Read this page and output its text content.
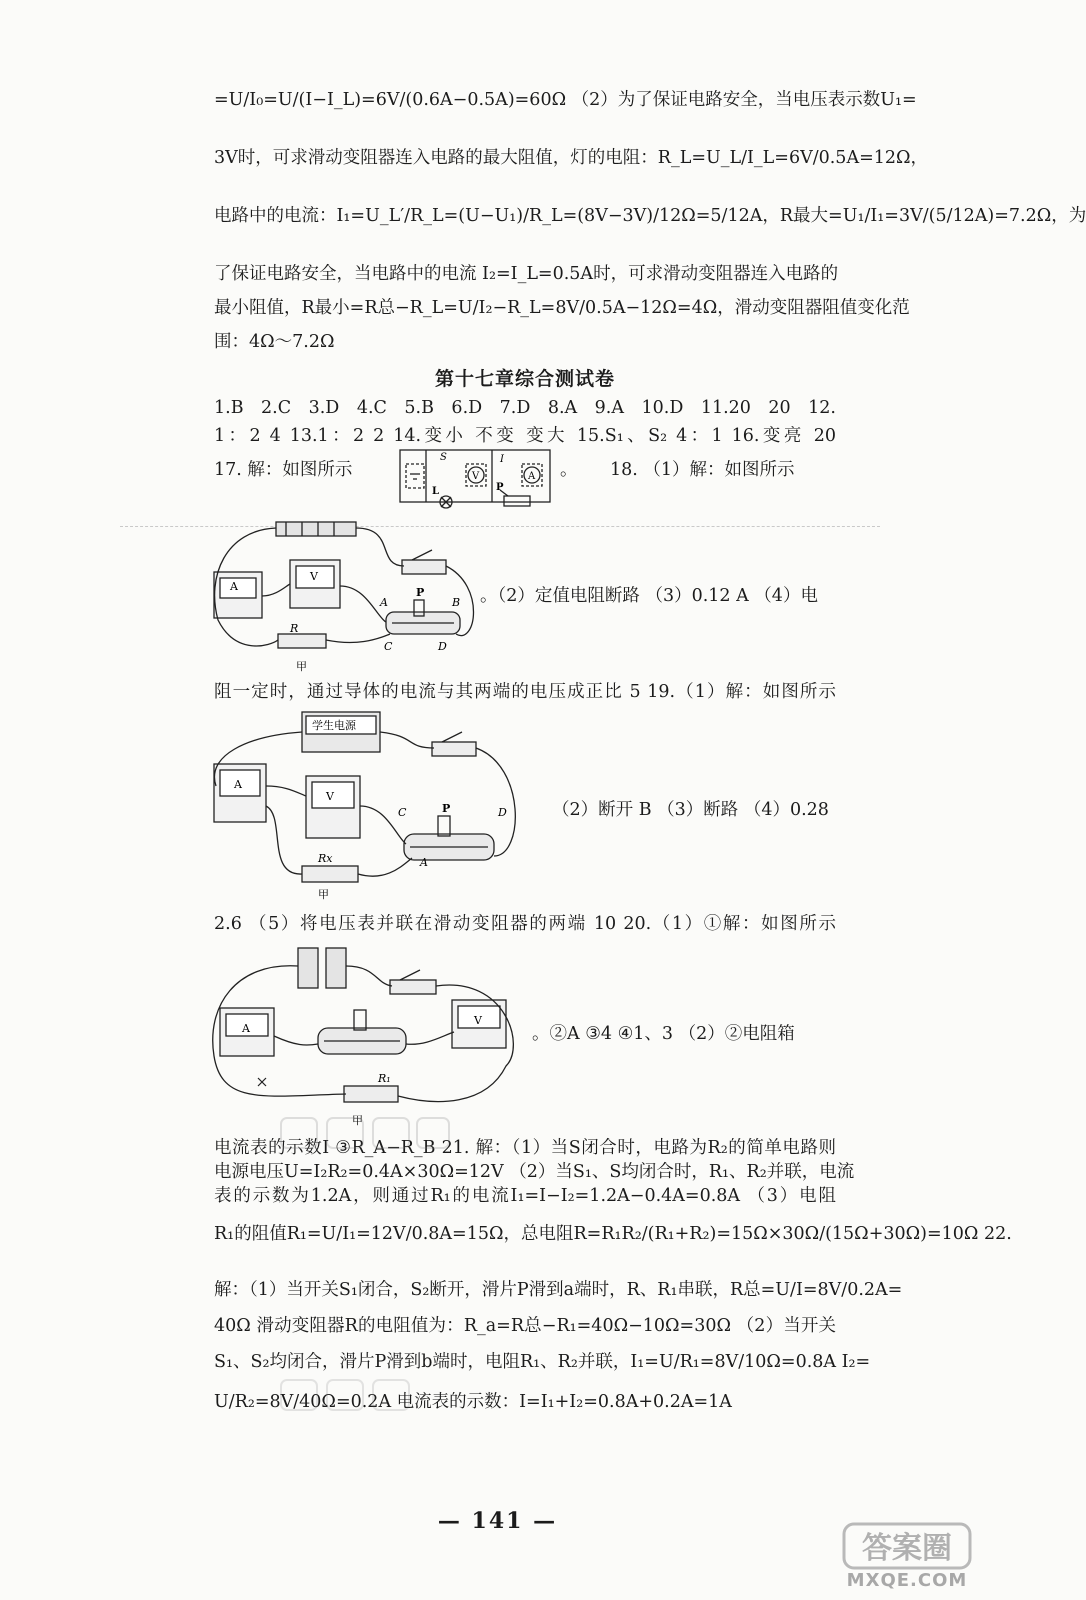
=U/I₀=U/(I−I_L)=6V/(0.6A−0.5A)=60Ω （2）为了保证电路安全，当电压表示数U₁=
3V时，可求滑动变阻器连入电路的最大阻值，灯的电阻：R_L=U_L/I_L=6V/0.5A=12Ω，
电路中的电流：I₁=U_L′/R_L=(U−U₁)/R_L=(8V−3V)/12Ω=5/12A，R最大=U₁/I₁=3V/(5/12A)=7.2Ω，为
了保证电路安全，当电路中的电流 I₂=I_L=0.5A时，可求滑动变阻器连入电路的
最小阻值，R最小=R总−R_L=U/I₂−R_L=8V/0.5A−12Ω=4Ω，滑动变阻器阻值变化范
围：4Ω～7.2Ω
第十七章综合测试卷
1.B 2.C 3.D 4.C 5.B 6.D 7.D 8.A 9.A 10.D 11.20 20 12.
1：2 4 13.1：2 2 14.变小 不变 变大 15.S₁、S₂ 4：1 16.变亮 20
17. 解：如图所示
S	I
V	A
L	P
。 18. （1）解：如图所示
A
V
R
A	B
C	D
P
甲
。（2）定值电阻断路 （3）0.12 A （4）电
阻一定时，通过导体的电流与其两端的电压成正比 5 19.（1）解：如图所示
学生电源
A
V
Rx
C	D
A
P
甲
（2）断开 B （3）断路 （4）0.28
2.6 （5）将电压表并联在滑动变阻器的两端 10 20.（1）①解：如图所示
A
V
R₁
甲
。②A ③4 ④1、3 （2）②电阻箱
电流表的示数I ③R_A−R_B 21. 解：（1）当S闭合时，电路为R₂的简单电路则
电源电压U=I₂R₂=0.4A×30Ω=12V （2）当S₁、S均闭合时，R₁、R₂并联，电流
表的示数为1.2A，则通过R₁的电流I₁=I−I₂=1.2A−0.4A=0.8A （3）电阻
R₁的阻值R₁=U/I₁=12V/0.8A=15Ω，总电阻R=R₁R₂/(R₁+R₂)=15Ω×30Ω/(15Ω+30Ω)=10Ω 22.
解：（1）当开关S₁闭合，S₂断开，滑片P滑到a端时，R、R₁串联，R总=U/I=8V/0.2A=
40Ω 滑动变阻器R的电阻值为：R_a=R总−R₁=40Ω−10Ω=30Ω （2）当开关
S₁、S₂均闭合，滑片P滑到b端时，电阻R₁、R₂并联，I₁=U/R₁=8V/10Ω=0.8A I₂=
U/R₂=8V/40Ω=0.2A 电流表的示数：I=I₁+I₂=0.8A+0.2A=1A
— 141 —
答案圈
MXQE.COM
